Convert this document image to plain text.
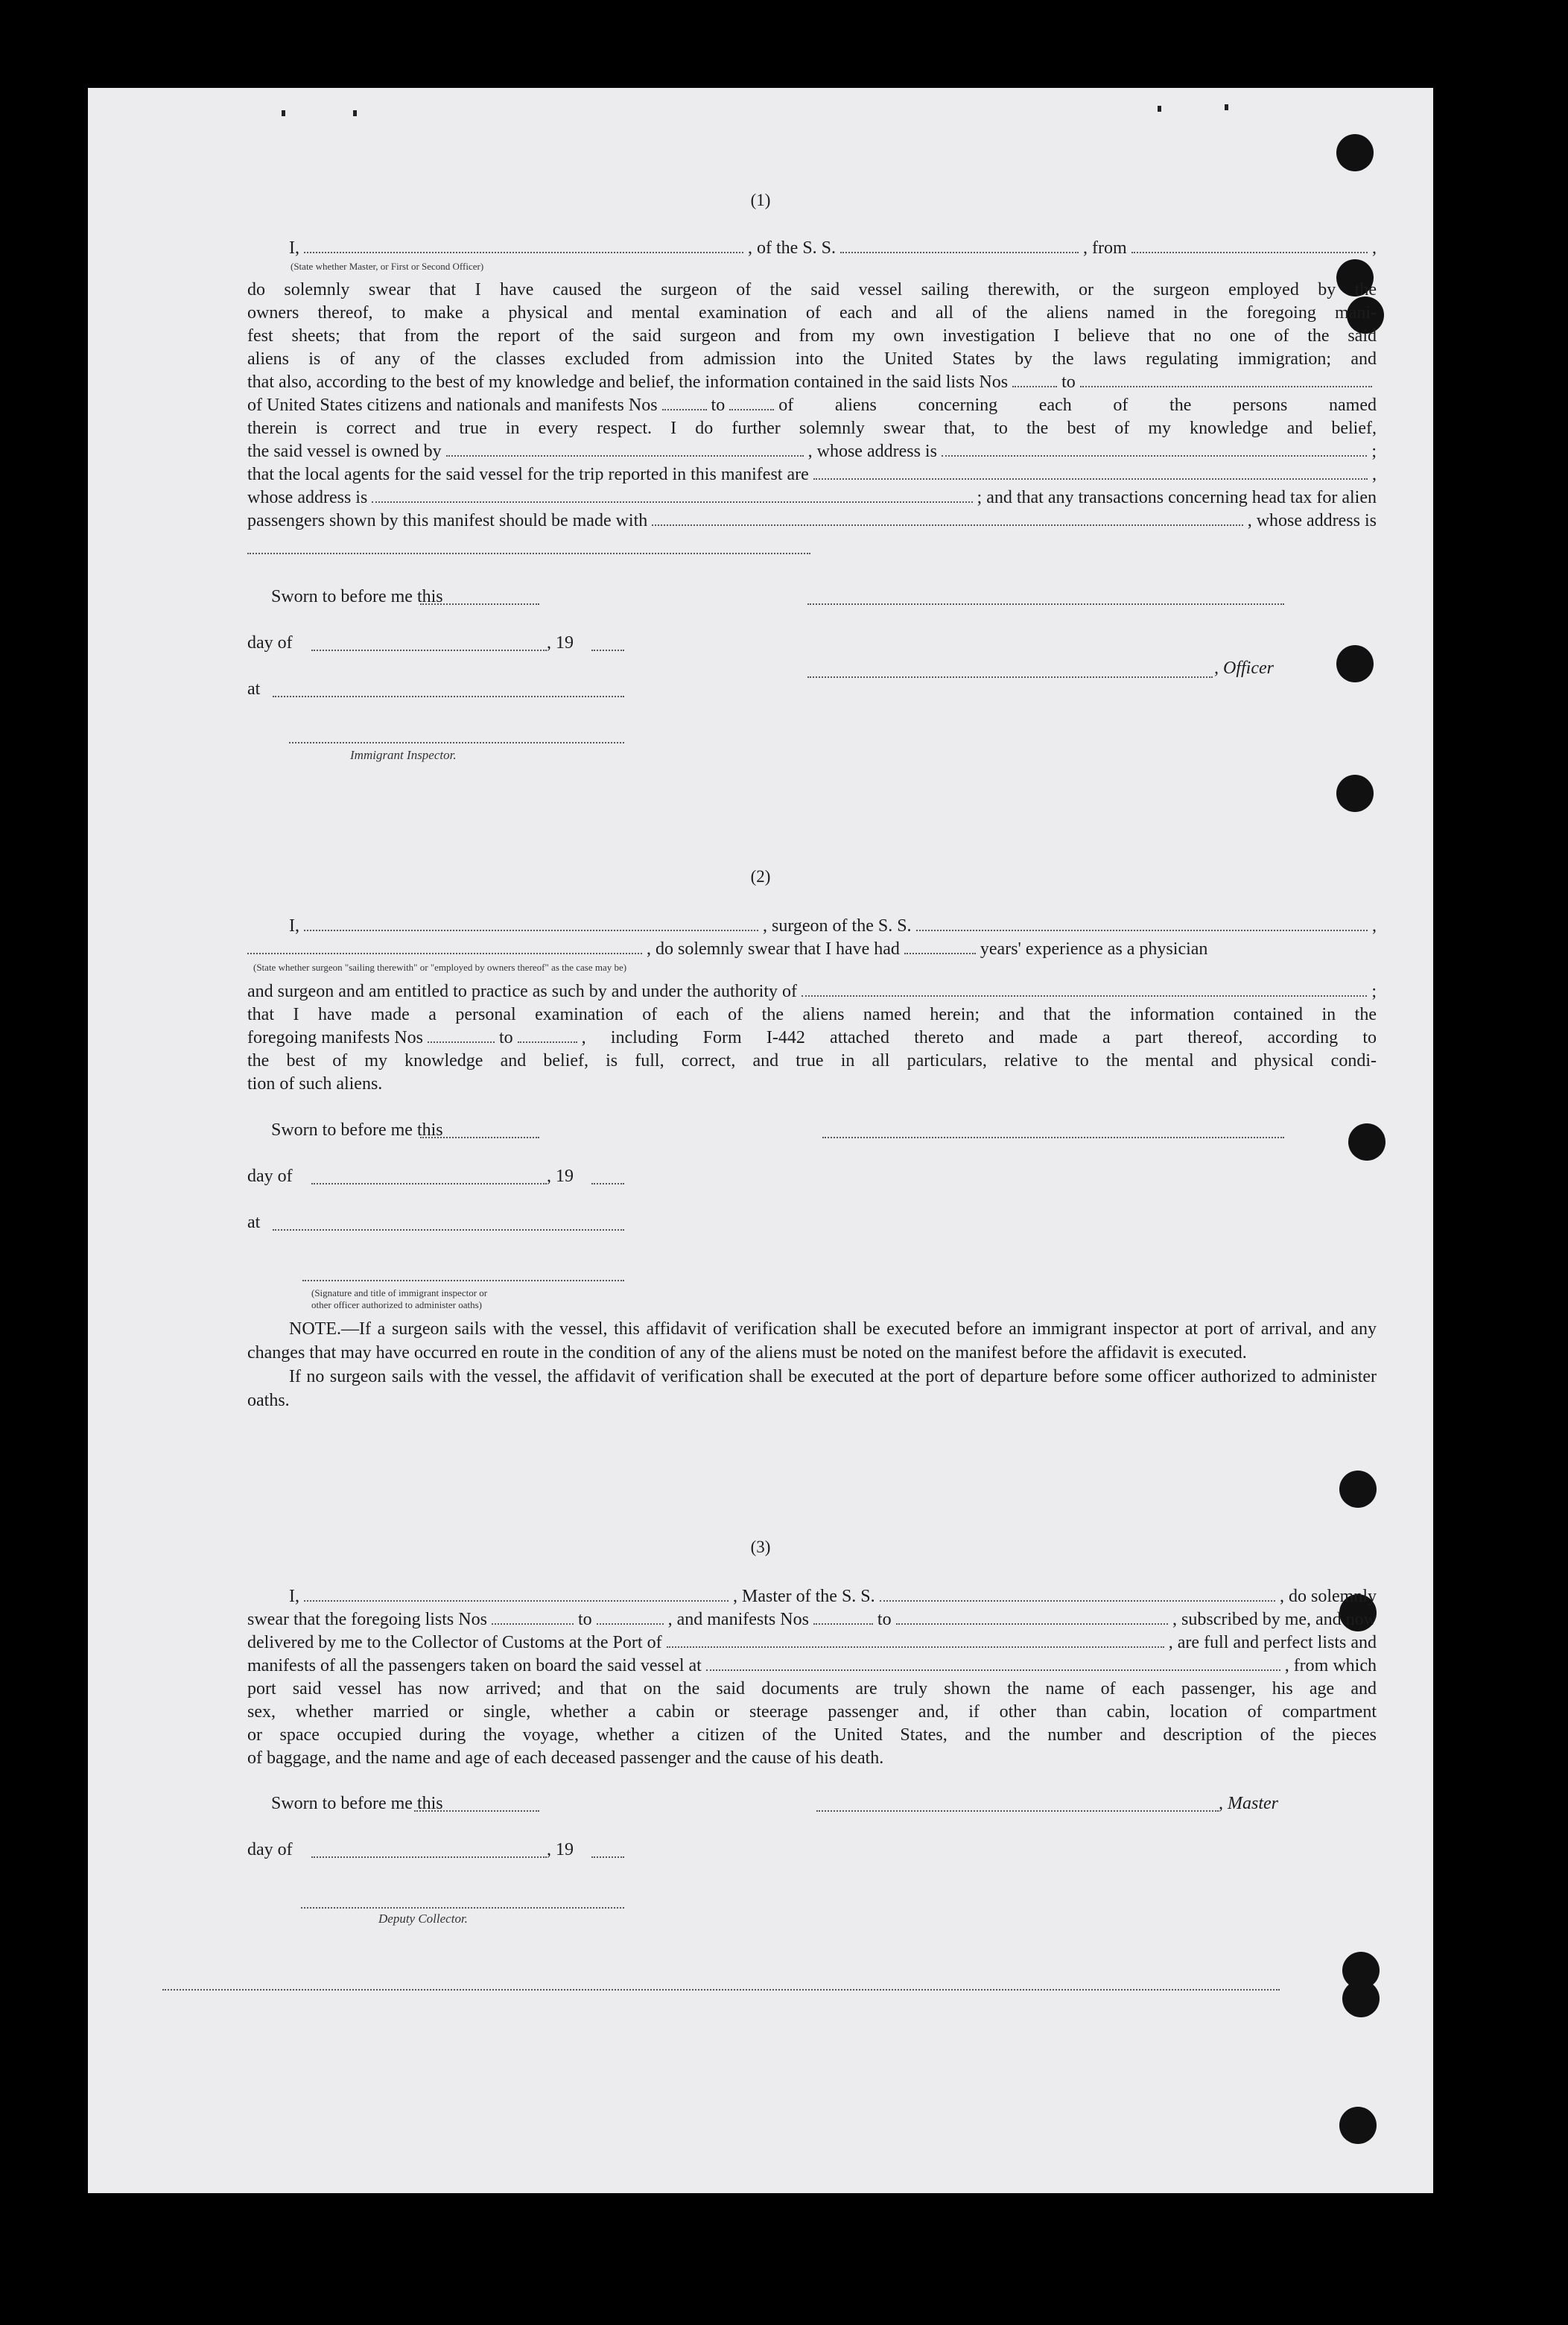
(1)
I,	, of the S. S.	, from	,
(State whether Master, or First or Second Officer)
do solemnly swear that I have caused the surgeon of the said vessel sailing therewith, or the surgeon employed by the
owners thereof, to make a physical and mental examination of each and all of the aliens named in the foregoing mani-
fest sheets; that from the report of the said surgeon and from my own investigation I believe that no one of the said
aliens is of any of the classes excluded from admission into the United States by the laws regulating immigration; and
that also, according to the best of my knowledge and belief, the information contained in the said lists Nos	to
of United States citizens and nationals and manifests Nos	to	of aliens concerning each of the persons named
therein is correct and true in every respect. I do further solemnly swear that, to the best of my knowledge and belief,
the said vessel is owned by	, whose address is	;
that the local agents for the said vessel for the trip reported in this manifest are	,
whose address is	; and that any transactions concerning head tax for alien
passengers shown by this manifest should be made with	, whose address is
Sworn to before me this
day of	, 19
, Officer
at
Immigrant Inspector.
(2)
I,	, surgeon of the S. S.	,
, do solemnly swear that I have had	years' experience as a physician
(State whether surgeon "sailing therewith" or "employed by owners thereof" as the case may be)
and surgeon and am entitled to practice as such by and under the authority of	;
that I have made a personal examination of each of the aliens named herein; and that the information contained in the
foregoing manifests Nos	to	, including Form I-442 attached thereto and made a part thereof, according to
the best of my knowledge and belief, is full, correct, and true in all particulars, relative to the mental and physical condi-
tion of such aliens.
Sworn to before me this
day of	, 19
at
(Signature and title of immigrant inspector or
other officer authorized to administer oaths)

NOTE.—If a surgeon sails with the vessel, this affidavit of verification shall be executed before an immigrant inspector at port of arrival, and any changes that may have occurred en route in the condition of any of the aliens must be noted on the manifest before the affidavit is executed.

If no surgeon sails with the vessel, the affidavit of verification shall be executed at the port of departure before some officer authorized to administer oaths.

(3)
I,	, Master of the S. S.	, do solemnly
swear that the foregoing lists Nos	to	, and manifests Nos	to	, subscribed by me, and now
delivered by me to the Collector of Customs at the Port of	, are full and perfect lists and
manifests of all the passengers taken on board the said vessel at	, from which
port said vessel has now arrived; and that on the said documents are truly shown the name of each passenger, his age and
sex, whether married or single, whether a cabin or steerage passenger and, if other than cabin, location of compartment
or space occupied during the voyage, whether a citizen of the United States, and the number and description of the pieces
of baggage, and the name and age of each deceased passenger and the cause of his death.
Sworn to before me this	, Master
day of	, 19
Deputy Collector.
